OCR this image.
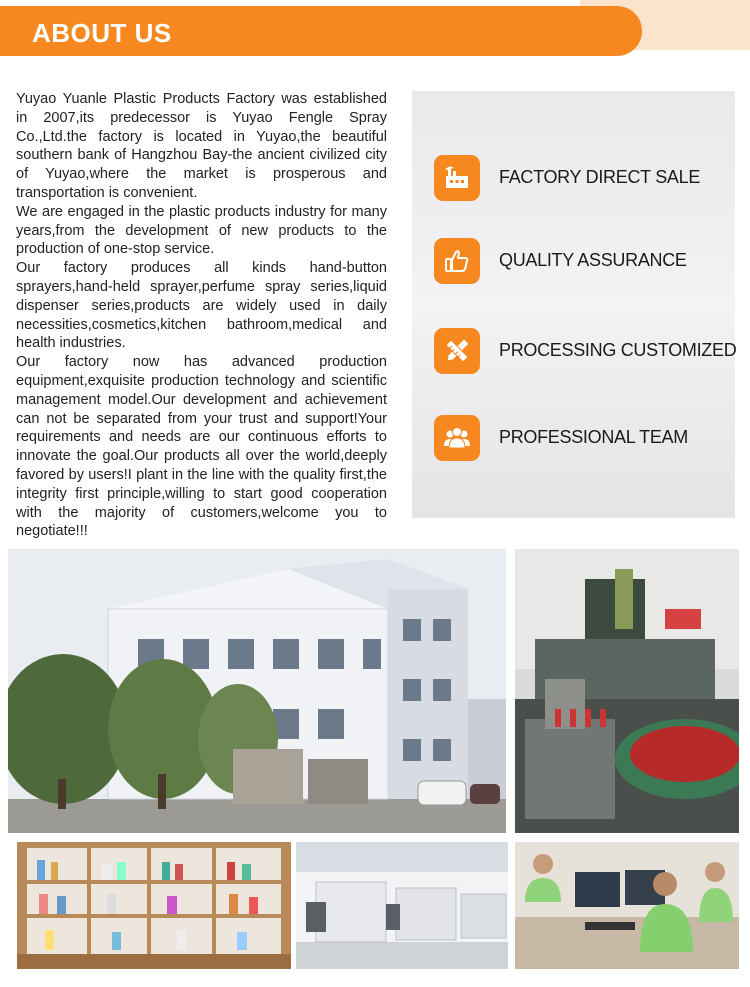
ABOUT US

Yuyao Yuanle Plastic Products Factory was established in 2007,its predecessor is Yuyao Fengle Spray Co.,Ltd.the factory is located in Yuyao,the beautiful southern bank of Hangzhou Bay-the ancient civilized city of Yuyao,where the market is prosperous and transportation is convenient.

We are engaged in the plastic products industry for many years,from the development of new products to the production of one-stop service.

Our factory produces all kinds hand-button sprayers,hand-held sprayer,perfume spray series,liquid dispenser series,products are widely used in daily necessities,cosmetics,kitchen bathroom,medical and health industries.

Our factory now has advanced production equipment,exquisite production technology and scientific management model.Our development and achievement can not be separated from your trust and support!Your requirements and needs are our continuous efforts to innovate the goal.Our products all over the world,deeply favored by users!I plant in the line with the quality first,the integrity first principle,willing to start good cooperation with the majority of customers,welcome you to negotiate!!!

FACTORY DIRECT SALE
QUALITY ASSURANCE
PROCESSING CUSTOMIZED
PROFESSIONAL TEAM
